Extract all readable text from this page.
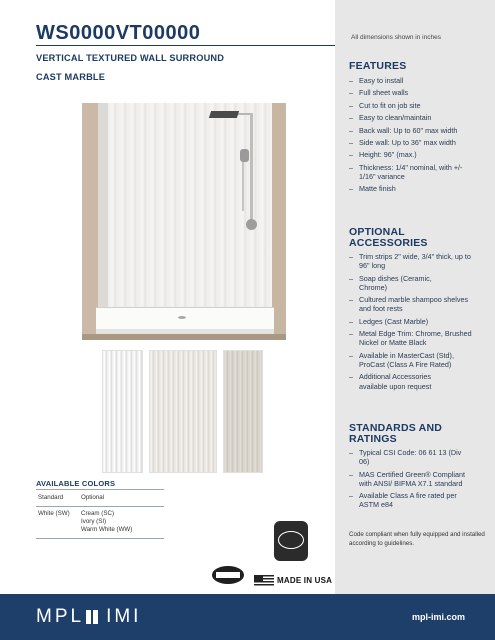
WS0000VT00000	All dimensions shown in inches
VERTICAL TEXTURED WALL SURROUND
CAST MARBLE
AVAILABLE COLORS
Standard	Optional
White (SW)	Cream (SC)
Ivory (SI)
Warm White (WW)
FEATURES
– Easy to install
– Full sheet walls
– Cut to fit on job site
– Easy to clean/maintain
– Back wall: Up to 60" max width
– Side wall: Up to 36" max width
– Height: 96" (max.)
– Thickness: 1/4" nominal, with +/- 1/16" variance
– Matte finish
OPTIONAL
ACCESSORIES
– Trim strips 2" wide, 3/4" thick, up to 96" long
– Soap dishes (Ceramic, Chrome)
– Cultured marble shampoo shelves and foot rests
– Ledges (Cast Marble)
– Metal Edge Trim: Chrome, Brushed Nickel or Matte Black
– Available in MasterCast (Std), ProCast (Class A Fire Rated)
– Additional Accessories available upon request
STANDARDS AND
RATINGS
– Typical CSI Code: 06 61 13 (Div 06)
– MAS Certified Green® Compliant with ANSI/ BIFMA X7.1 standard
– Available Class A fire rated per ASTM e84
Code compliant when fully equipped and installed according to guidelines.
MADE IN USA
MPL IMI	mpl-imi.com
